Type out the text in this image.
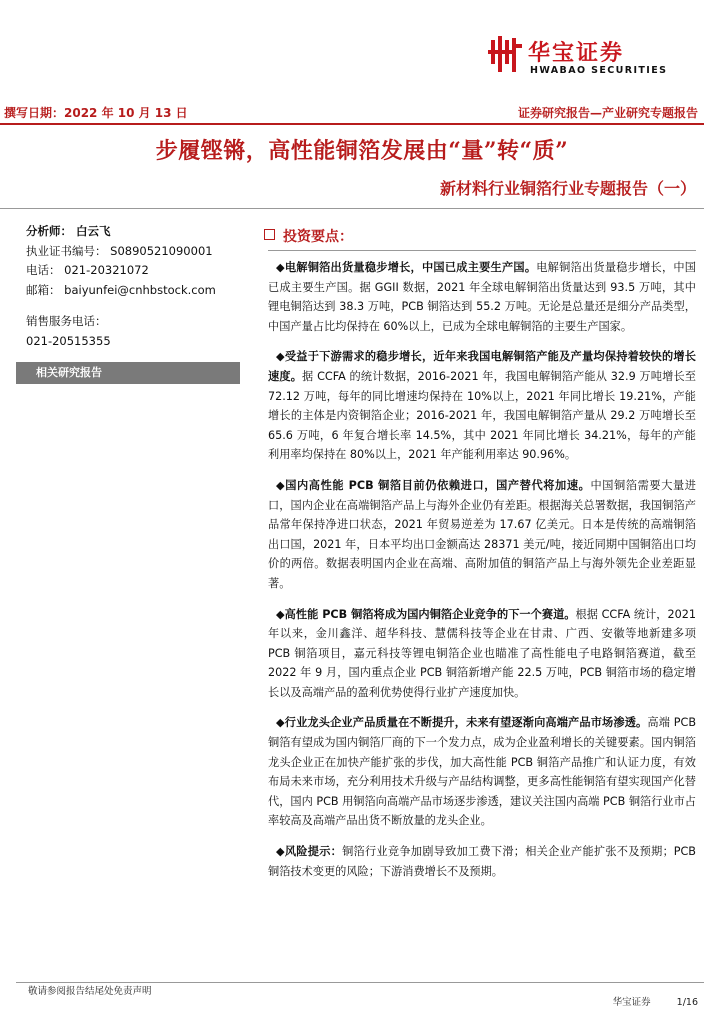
华宝证券
HWABAO SECURITIES
撰写日期：2022 年 10 月 13 日	证券研究报告—产业研究专题报告
步履铿锵，高性能铜箔发展由“量”转“质”
新材料行业铜箔行业专题报告（一）
分析师： 白云飞
执业证书编号： S0890521090001
电话： 021-20321072
邮箱： baiyunfei@cnhbstock.com
销售服务电话：
021-20515355
相关研究报告
投资要点：

◆电解铜箔出货量稳步增长，中国已成主要生产国。电解铜箔出货量稳步增长，中国已成主要生产国。据 GGII 数据，2021 年全球电解铜箔出货量达到 93.5 万吨，其中锂电铜箔达到 38.3 万吨，PCB 铜箔达到 55.2 万吨。无论是总量还是细分产品类型，中国产量占比均保持在 60%以上，已成为全球电解铜箔的主要生产国家。

◆受益于下游需求的稳步增长，近年来我国电解铜箔产能及产量均保持着较快的增长速度。据 CCFA 的统计数据，2016-2021 年，我国电解铜箔产能从 32.9 万吨增长至 72.12 万吨，每年的同比增速均保持在 10%以上，2021 年同比增长 19.21%，产能增长的主体是内资铜箔企业；2016-2021 年，我国电解铜箔产量从 29.2 万吨增长至 65.6 万吨，6 年复合增长率 14.5%，其中 2021 年同比增长 34.21%，每年的产能利用率均保持在 80%以上，2021 年产能利用率达 90.96%。

◆国内高性能 PCB 铜箔目前仍依赖进口，国产替代将加速。中国铜箔需要大量进口，国内企业在高端铜箔产品上与海外企业仍有差距。根据海关总署数据，我国铜箔产品常年保持净进口状态，2021 年贸易逆差为 17.67 亿美元。日本是传统的高端铜箔出口国，2021 年，日本平均出口金额高达 28371 美元/吨，接近同期中国铜箔出口均价的两倍。数据表明国内企业在高端、高附加值的铜箔产品上与海外领先企业差距显著。

◆高性能 PCB 铜箔将成为国内铜箔企业竞争的下一个赛道。根据 CCFA 统计，2021 年以来，金川鑫洋、超华科技、慧儒科技等企业在甘肃、广西、安徽等地新建多项 PCB 铜箔项目，嘉元科技等锂电铜箔企业也瞄准了高性能电子电路铜箔赛道，截至 2022 年 9 月，国内重点企业 PCB 铜箔新增产能 22.5 万吨，PCB 铜箔市场的稳定增长以及高端产品的盈利优势使得行业扩产速度加快。

◆行业龙头企业产品质量在不断提升，未来有望逐渐向高端产品市场渗透。高端 PCB 铜箔有望成为国内铜箔厂商的下一个发力点，成为企业盈利增长的关键要素。国内铜箔龙头企业正在加快产能扩张的步伐，加大高性能 PCB 铜箔产品推广和认证力度，有效布局未来市场，充分利用技术升级与产品结构调整，更多高性能铜箔有望实现国产化替代，国内 PCB 用铜箔向高端产品市场逐步渗透，建议关注国内高端 PCB 铜箔行业市占率较高及高端产品出货不断放量的龙头企业。

◆风险提示：铜箔行业竞争加剧导致加工费下滑；相关企业产能扩张不及预期；PCB 铜箔技术变更的风险；下游消费增长不及预期。

敬请参阅报告结尾处免责声明
华宝证券	1/16
